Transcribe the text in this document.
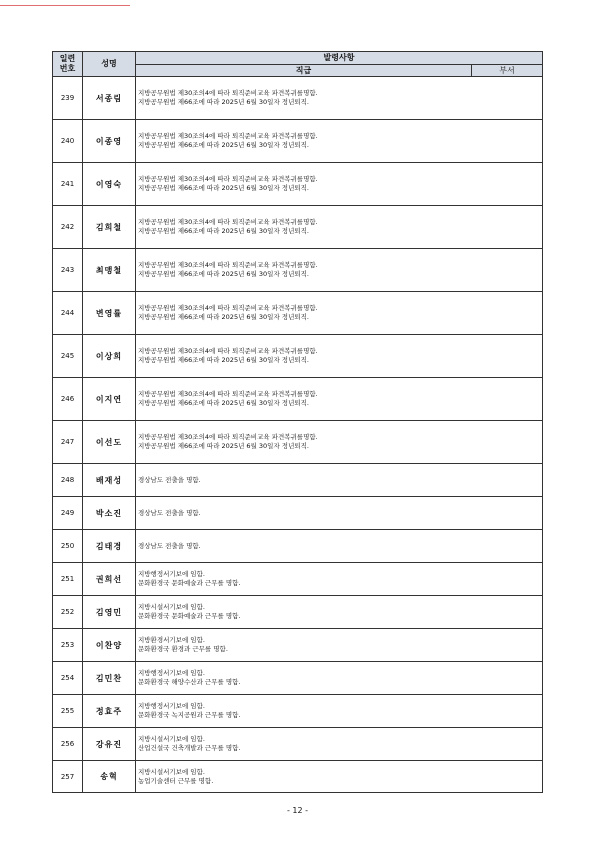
일련
번호	성명	발령사항	
		직급	부서
239	서종림	지방공무원법 제30조의4에 따라 퇴직준비교육 파견복귀를명함.
지방공무원법 제66조에 따라 2025년 6월 30일자 정년퇴직.	

240	이종영	지방공무원법 제30조의4에 따라 퇴직준비교육 파견복귀를명함.
지방공무원법 제66조에 따라 2025년 6월 30일자 정년퇴직.	

241	이영숙	지방공무원법 제30조의4에 따라 퇴직준비교육 파견복귀를명함.
지방공무원법 제66조에 따라 2025년 6월 30일자 정년퇴직.	

242	김희철	지방공무원법 제30조의4에 따라 퇴직준비교육 파견복귀를명함.
지방공무원법 제66조에 따라 2025년 6월 30일자 정년퇴직.	

243	최맹철	지방공무원법 제30조의4에 따라 퇴직준비교육 파견복귀를명함.
지방공무원법 제66조에 따라 2025년 6월 30일자 정년퇴직.	

244	변영률	지방공무원법 제30조의4에 따라 퇴직준비교육 파견복귀를명함.
지방공무원법 제66조에 따라 2025년 6월 30일자 정년퇴직.	

245	이상희	지방공무원법 제30조의4에 따라 퇴직준비교육 파견복귀를명함.
지방공무원법 제66조에 따라 2025년 6월 30일자 정년퇴직.	

246	이지연	지방공무원법 제30조의4에 따라 퇴직준비교육 파견복귀를명함.
지방공무원법 제66조에 따라 2025년 6월 30일자 정년퇴직.	

247	이선도	지방공무원법 제30조의4에 따라 퇴직준비교육 파견복귀를명함.
지방공무원법 제66조에 따라 2025년 6월 30일자 정년퇴직.	

248	배재성	경상남도 전출을 명함.	

249	박소진	경상남도 전출을 명함.	

250	김태경	경상남도 전출을 명함.	

251	권희선	지방행정서기보에 임함.
문화환경국 문화예술과 근무를 명함.	

252	김영민	지방시설서기보에 임함.
문화환경국 문화예술과 근무를 명함.	

253	이찬양	지방환경서기보에 임함.
문화환경국 환경과 근무를 명함.	

254	김민찬	지방행정서기보에 임함.
문화환경국 해양수산과 근무를 명함.	

255	정효주	지방행정서기보에 임함.
문화환경국 녹지공원과 근무를 명함.	

256	강유진	지방시설서기보에 임함.
산업건설국 건축개발과 근무를 명함.	

257	송혁	지방시설서기보에 임함.
농업기술센터 근무를 명함.	
- 12 -
